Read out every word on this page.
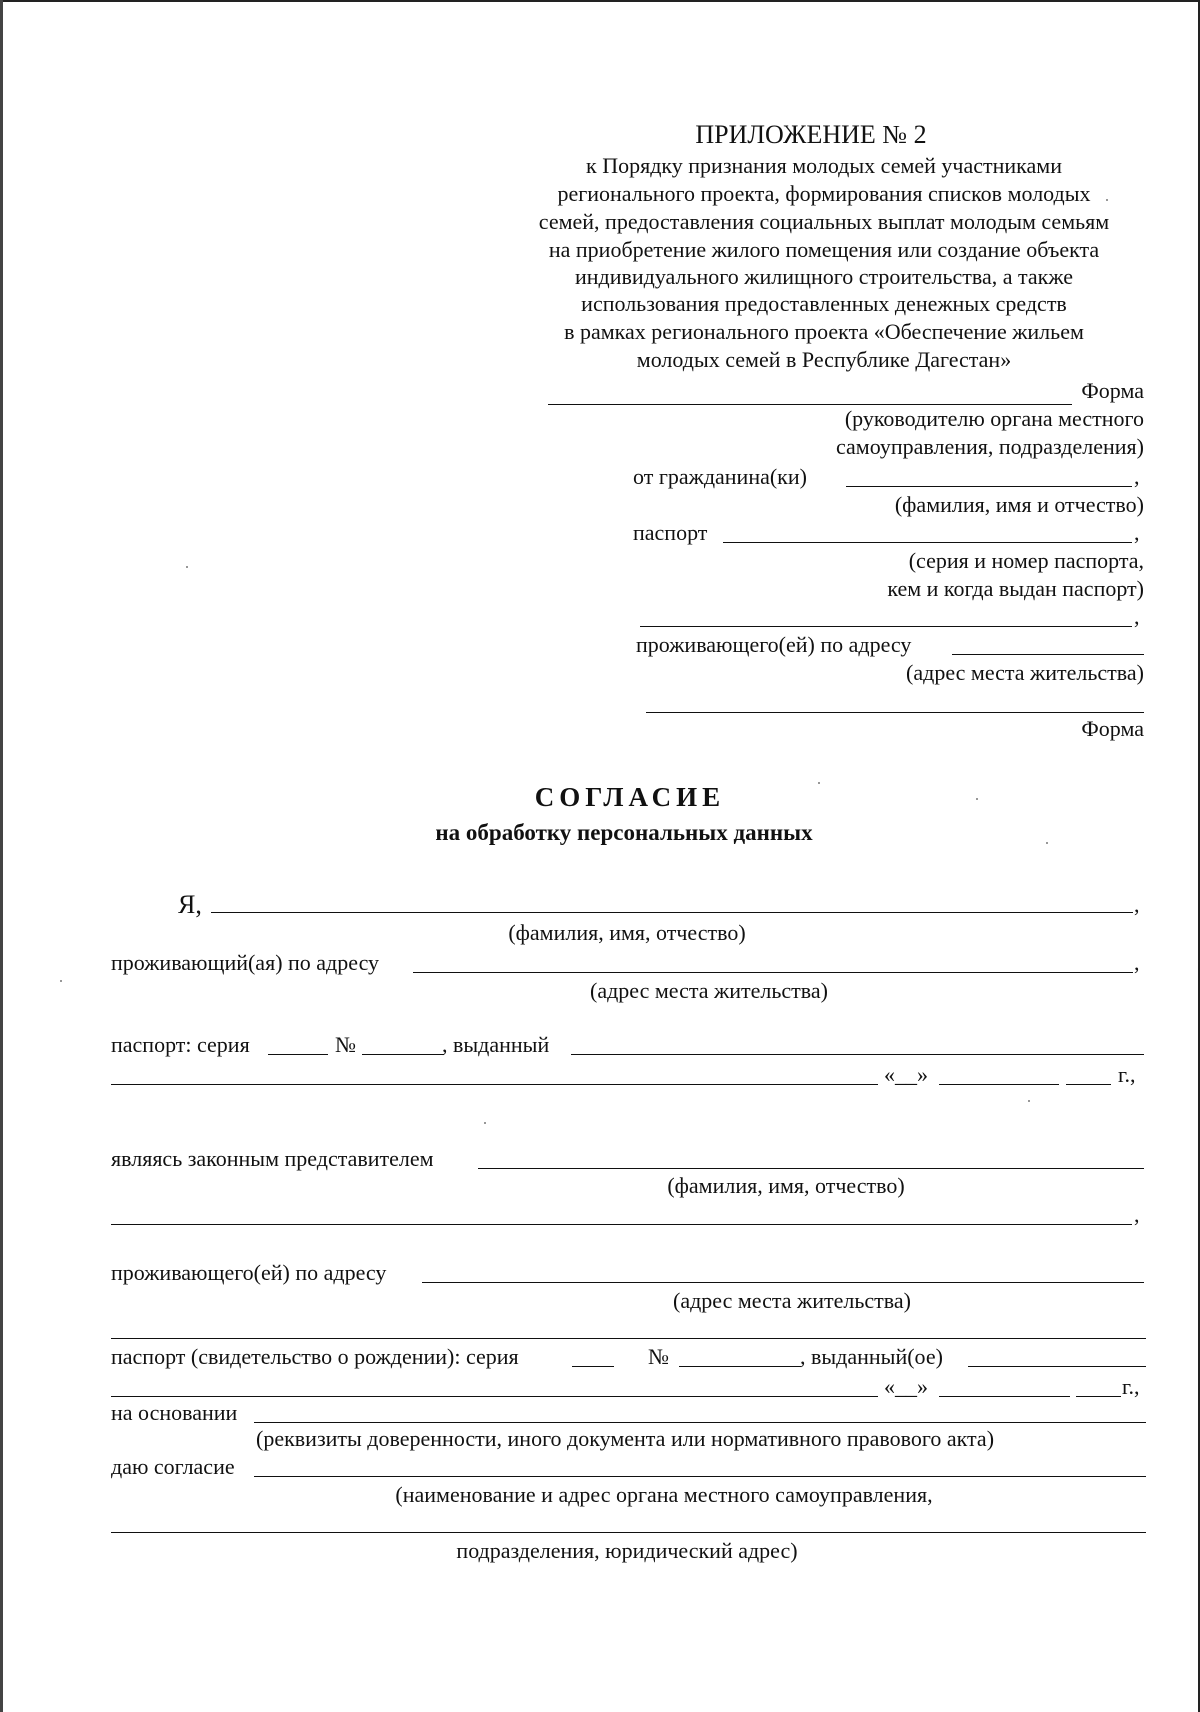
ПРИЛОЖЕНИЕ № 2
к Порядку признания молодых семей участниками
регионального проекта, формирования списков молодых
семей, предоставления социальных выплат молодым семьям
на приобретение жилого помещения или создание объекта
индивидуального жилищного строительства, а также
использования предоставленных денежных средств
в рамках регионального проекта «Обеспечение жильем
молодых семей в Республике Дагестан»
Форма
(руководителю органа местного
самоуправления, подразделения)
от гражданина(ки)	,
(фамилия, имя и отчество)
паспорт	,
(серия и номер паспорта,
кем и когда выдан паспорт)
,
проживающего(ей) по адресу
(адрес места жительства)
Форма
СОГЛАСИЕ
на обработку персональных данных
Я,	,
(фамилия, имя, отчество)
проживающий(ая) по адресу	,
(адрес места жительства)
паспорт: серия	№	, выданный
«__»	г.,
являясь законным представителем
(фамилия, имя, отчество)
,
проживающего(ей) по адресу
(адрес места жительства)
паспорт (свидетельство о рождении): серия	№	, выданный(ое)
«__»	г.,
на основании
(реквизиты доверенности, иного документа или нормативного правового акта)
даю согласие
(наименование и адрес органа местного самоуправления,
подразделения, юридический адрес)
